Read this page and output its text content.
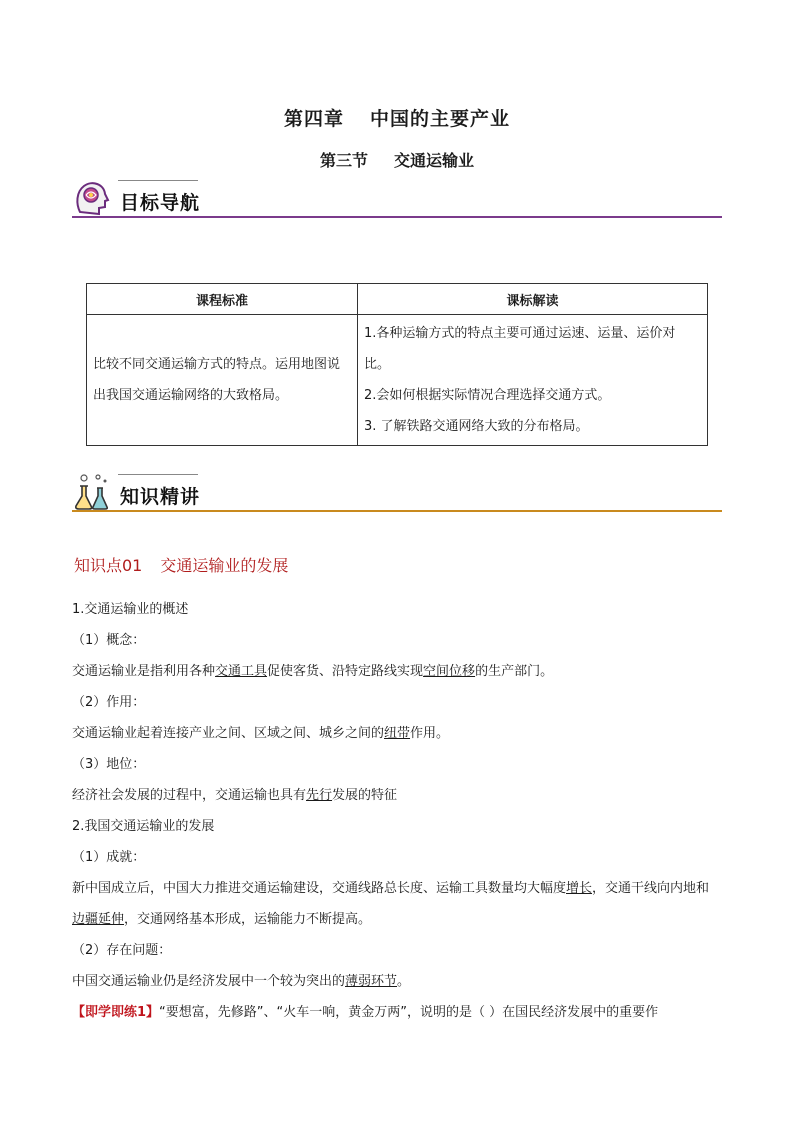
第四章 中国的主要产业
第三节 交通运输业
目标导航
课程标准	课标解读
比较不同交通运输方式的特点。运用地图说出我国交通运输网络的大致格局。	1.各种运输方式的特点主要可通过运速、运量、运价对比。

2.会如何根据实际情况合理选择交通方式。

3. 了解铁路交通网络大致的分布格局。

知识精讲
知识点01 交通运输业的发展

1.交通运输业的概述

（1）概念：

交通运输业是指利用各种交通工具促使客货、沿特定路线实现空间位移的生产部门。

（2）作用：

交通运输业起着连接产业之间、区域之间、城乡之间的纽带作用。

（3）地位：

经济社会发展的过程中，交通运输也具有先行发展的特征

2.我国交通运输业的发展

（1）成就：

新中国成立后，中国大力推进交通运输建设，交通线路总长度、运输工具数量均大幅度增长，交通干线向内地和边疆延伸，交通网络基本形成，运输能力不断提高。

（2）存在问题：

中国交通运输业仍是经济发展中一个较为突出的薄弱环节。

【即学即练1】“要想富，先修路”、“火车一响，黄金万两”，说明的是（ ）在国民经济发展中的重要作
